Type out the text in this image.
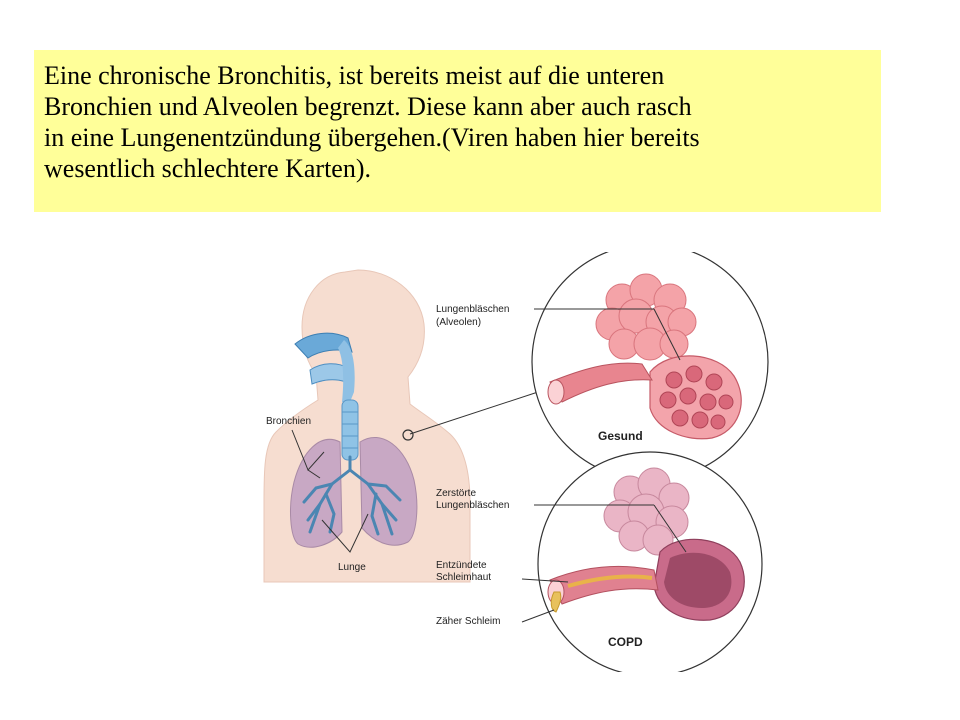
Eine chronische Bronchitis, ist bereits meist auf die unteren

Bronchien und Alveolen begrenzt. Diese kann aber auch rasch

in eine Lungenentzündung übergehen.(Viren haben hier bereits

wesentlich schlechtere Karten).

Bronchien
Lunge
Lungenbläschen
(Alveolen)
Gesund
Zerstörte
Lungenbläschen
Entzündete
Schleimhaut
Zäher Schleim
COPD
